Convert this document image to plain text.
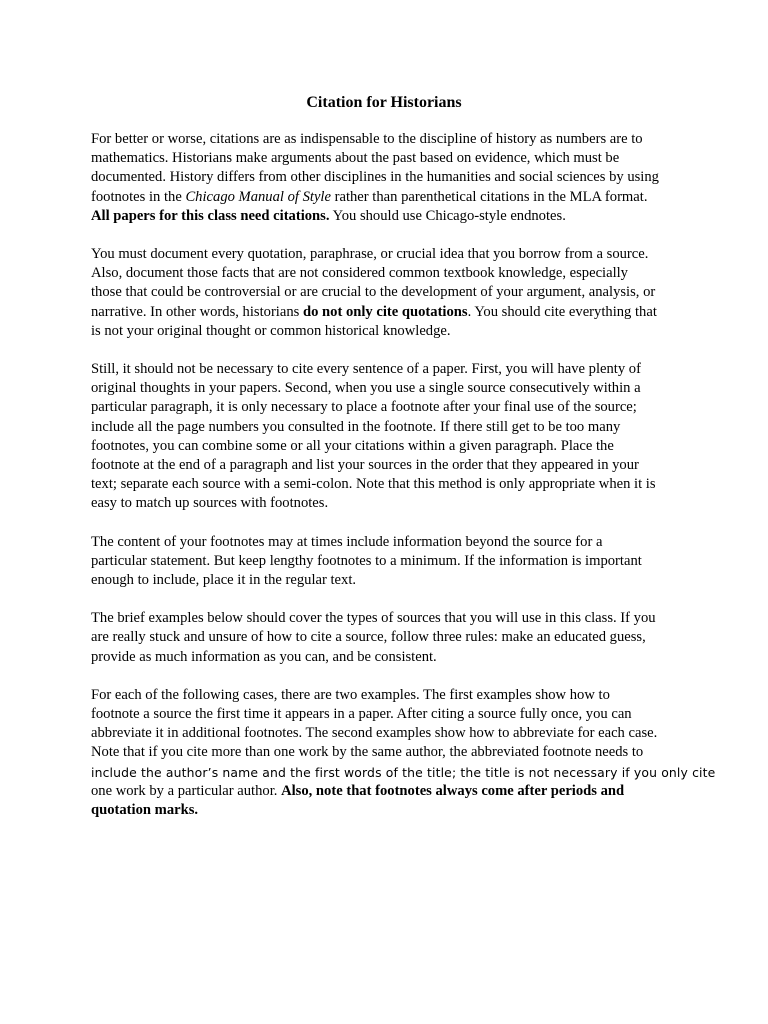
Citation for Historians
For better or worse, citations are as indispensable to the discipline of history as numbers are to
mathematics. Historians make arguments about the past based on evidence, which must be
documented. History differs from other disciplines in the humanities and social sciences by using
footnotes in the Chicago Manual of Style rather than parenthetical citations in the MLA format.
All papers for this class need citations. You should use Chicago-style endnotes.
You must document every quotation, paraphrase, or crucial idea that you borrow from a source.
Also, document those facts that are not considered common textbook knowledge, especially
those that could be controversial or are crucial to the development of your argument, analysis, or
narrative. In other words, historians do not only cite quotations. You should cite everything that
is not your original thought or common historical knowledge.
Still, it should not be necessary to cite every sentence of a paper. First, you will have plenty of
original thoughts in your papers. Second, when you use a single source consecutively within a
particular paragraph, it is only necessary to place a footnote after your final use of the source;
include all the page numbers you consulted in the footnote. If there still get to be too many
footnotes, you can combine some or all your citations within a given paragraph. Place the
footnote at the end of a paragraph and list your sources in the order that they appeared in your
text; separate each source with a semi-colon. Note that this method is only appropriate when it is
easy to match up sources with footnotes.
The content of your footnotes may at times include information beyond the source for a
particular statement. But keep lengthy footnotes to a minimum. If the information is important
enough to include, place it in the regular text.
The brief examples below should cover the types of sources that you will use in this class. If you
are really stuck and unsure of how to cite a source, follow three rules: make an educated guess,
provide as much information as you can, and be consistent.
For each of the following cases, there are two examples. The first examples show how to
footnote a source the first time it appears in a paper. After citing a source fully once, you can
abbreviate it in additional footnotes. The second examples show how to abbreviate for each case.
Note that if you cite more than one work by the same author, the abbreviated footnote needs to
include the author’s name and the first words of the title; the title is not necessary if you only cite
one work by a particular author. Also, note that footnotes always come after periods and
quotation marks.
